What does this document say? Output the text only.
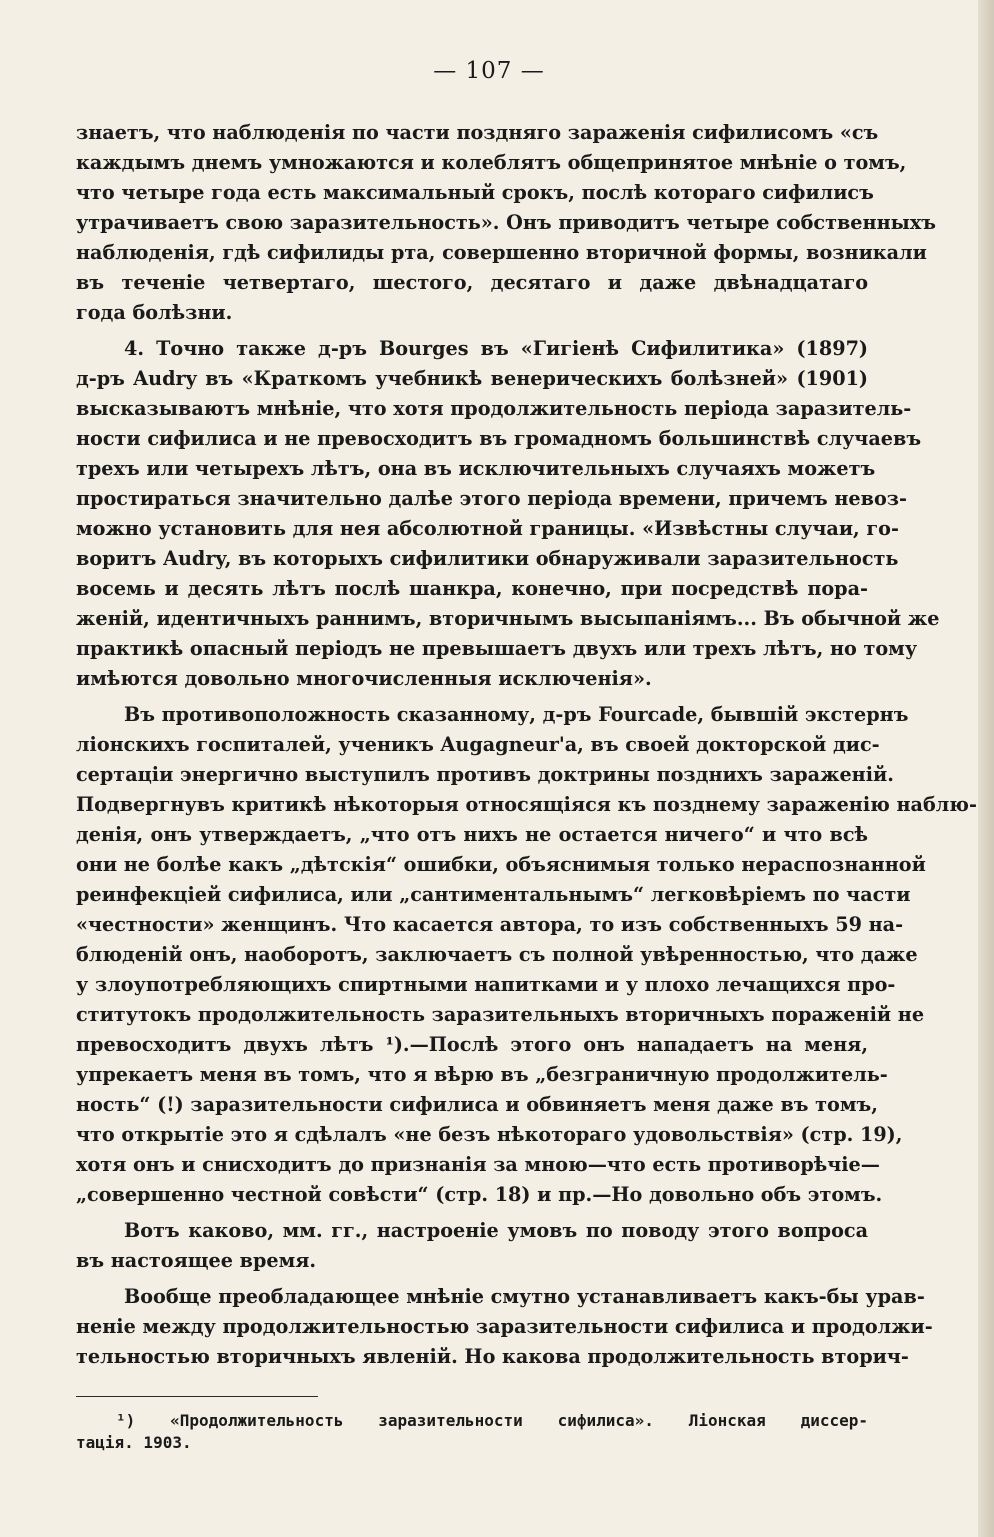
— 107 —
знаетъ, что наблюденія по части поздняго зараженія сифилисомъ «съ
каждымъ днемъ умножаются и колеблятъ общепринятое мнѣніе о томъ,
что четыре года есть максимальный срокъ, послѣ котораго сифилисъ
утрачиваетъ свою заразительность». Онъ приводитъ четыре собственныхъ
наблюденія, гдѣ сифилиды рта, совершенно вторичной формы, возникали
въ теченіе четвертаго, шестого, десятаго и даже двѣнадцатаго
года болѣзни.
4. Точно также д-ръ Bourges въ «Гигіенѣ Сифилитика» (1897)
д-ръ Audry въ «Краткомъ учебникѣ венерическихъ болѣзней» (1901)
высказываютъ мнѣніе, что хотя продолжительность періода заразитель-
ности сифилиса и не превосходитъ въ громадномъ большинствѣ случаевъ
трехъ или четырехъ лѣтъ, она въ исключительныхъ случаяхъ можетъ
простираться значительно далѣе этого періода времени, причемъ невоз-
можно установить для нея абсолютной границы. «Извѣстны случаи, го-
воритъ Audry, въ которыхъ сифилитики обнаруживали заразительность
восемь и десять лѣтъ послѣ шанкра, конечно, при посредствѣ пора-
женій, идентичныхъ раннимъ, вторичнымъ высыпаніямъ... Въ обычной же
практикѣ опасный періодъ не превышаетъ двухъ или трехъ лѣтъ, но тому
имѣются довольно многочисленныя исключенія».
Въ противоположность сказанному, д-ръ Fourcade, бывшій экстернъ
ліонскихъ госпиталей, ученикъ Augagneur'а, въ своей докторской дис-
сертаціи энергично выступилъ противъ доктрины позднихъ зараженій.
Подвергнувъ критикѣ нѣкоторыя относящіяся къ позднему зараженію наблю-
денія, онъ утверждаетъ, „что отъ нихъ не остается ничего“ и что всѣ
они не болѣе какъ „дѣтскія“ ошибки, объяснимыя только нераспознанной
реинфекціей сифилиса, или „сантиментальнымъ“ легковѣріемъ по части
«честности» женщинъ. Что касается автора, то изъ собственныхъ 59 на-
блюденій онъ, наоборотъ, заключаетъ съ полной увѣренностью, что даже
у злоупотребляющихъ спиртными напитками и у плохо лечащихся про-
ститутокъ продолжительность заразительныхъ вторичныхъ пораженій не
превосходитъ двухъ лѣтъ ¹).—Послѣ этого онъ нападаетъ на меня,
упрекаетъ меня въ томъ, что я вѣрю въ „безграничную продолжитель-
ность“ (!) заразительности сифилиса и обвиняетъ меня даже въ томъ,
что открытіе это я сдѣлалъ «не безъ нѣкотораго удовольствія» (стр. 19),
хотя онъ и снисходитъ до признанія за мною—что есть противорѣчіе—
„совершенно честной совѣсти“ (стр. 18) и пр.—Но довольно объ этомъ.
Вотъ каково, мм. гг., настроеніе умовъ по поводу этого вопроса
въ настоящее время.
Вообще преобладающее мнѣніе смутно устанавливаетъ какъ-бы урав-
неніе между продолжительностью заразительности сифилиса и продолжи-
тельностью вторичныхъ явленій. Но какова продолжительность вторич-
¹) «Продолжительность заразительности сифилиса». Ліонская диссер-
тація. 1903.
